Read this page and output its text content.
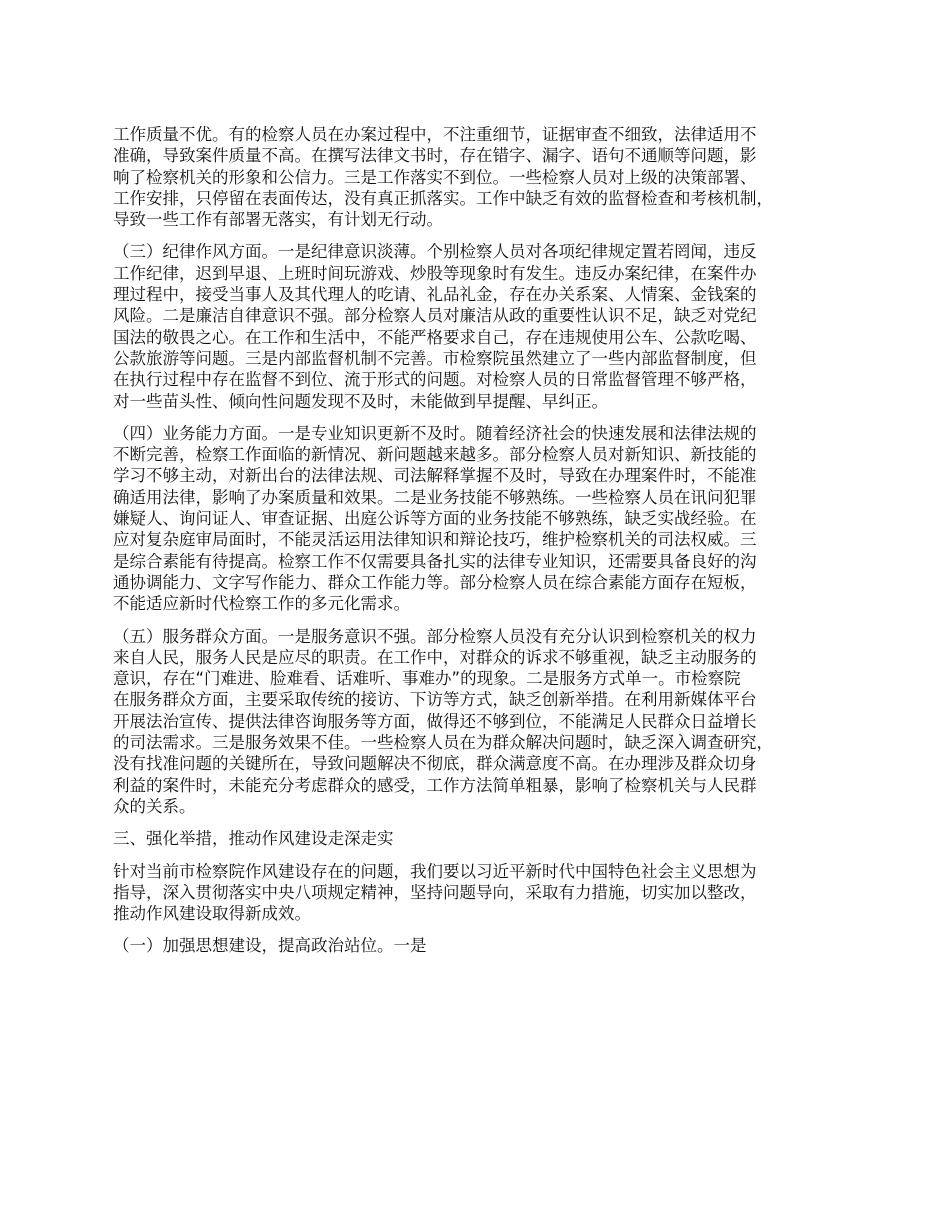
工作质量不优。有的检察人员在办案过程中，不注重细节，证据审查不细致，法律适用不
准确，导致案件质量不高。在撰写法律文书时，存在错字、漏字、语句不通顺等问题，影
响了检察机关的形象和公信力。三是工作落实不到位。一些检察人员对上级的决策部署、
工作安排，只停留在表面传达，没有真正抓落实。工作中缺乏有效的监督检查和考核机制，
导致一些工作有部署无落实，有计划无行动。

（三）纪律作风方面。一是纪律意识淡薄。个别检察人员对各项纪律规定置若罔闻，违反
工作纪律，迟到早退、上班时间玩游戏、炒股等现象时有发生。违反办案纪律，在案件办
理过程中，接受当事人及其代理人的吃请、礼品礼金，存在办关系案、人情案、金钱案的
风险。二是廉洁自律意识不强。部分检察人员对廉洁从政的重要性认识不足，缺乏对党纪
国法的敬畏之心。在工作和生活中，不能严格要求自己，存在违规使用公车、公款吃喝、
公款旅游等问题。三是内部监督机制不完善。市检察院虽然建立了一些内部监督制度，但
在执行过程中存在监督不到位、流于形式的问题。对检察人员的日常监督管理不够严格，
对一些苗头性、倾向性问题发现不及时，未能做到早提醒、早纠正。

（四）业务能力方面。一是专业知识更新不及时。随着经济社会的快速发展和法律法规的
不断完善，检察工作面临的新情况、新问题越来越多。部分检察人员对新知识、新技能的
学习不够主动，对新出台的法律法规、司法解释掌握不及时，导致在办理案件时，不能准
确适用法律，影响了办案质量和效果。二是业务技能不够熟练。一些检察人员在讯问犯罪
嫌疑人、询问证人、审查证据、出庭公诉等方面的业务技能不够熟练，缺乏实战经验。在
应对复杂庭审局面时，不能灵活运用法律知识和辩论技巧，维护检察机关的司法权威。三
是综合素能有待提高。检察工作不仅需要具备扎实的法律专业知识，还需要具备良好的沟
通协调能力、文字写作能力、群众工作能力等。部分检察人员在综合素能方面存在短板，
不能适应新时代检察工作的多元化需求。

（五）服务群众方面。一是服务意识不强。部分检察人员没有充分认识到检察机关的权力
来自人民，服务人民是应尽的职责。在工作中，对群众的诉求不够重视，缺乏主动服务的
意识，存在“门难进、脸难看、话难听、事难办”的现象。二是服务方式单一。市检察院
在服务群众方面，主要采取传统的接访、下访等方式，缺乏创新举措。在利用新媒体平台
开展法治宣传、提供法律咨询服务等方面，做得还不够到位，不能满足人民群众日益增长
的司法需求。三是服务效果不佳。一些检察人员在为群众解决问题时，缺乏深入调查研究，
没有找准问题的关键所在，导致问题解决不彻底，群众满意度不高。在办理涉及群众切身
利益的案件时，未能充分考虑群众的感受，工作方法简单粗暴，影响了检察机关与人民群
众的关系。

三、强化举措，推动作风建设走深走实

针对当前市检察院作风建设存在的问题，我们要以习近平新时代中国特色社会主义思想为
指导，深入贯彻落实中央八项规定精神，坚持问题导向，采取有力措施，切实加以整改，
推动作风建设取得新成效。

（一）加强思想建设，提高政治站位。一是
